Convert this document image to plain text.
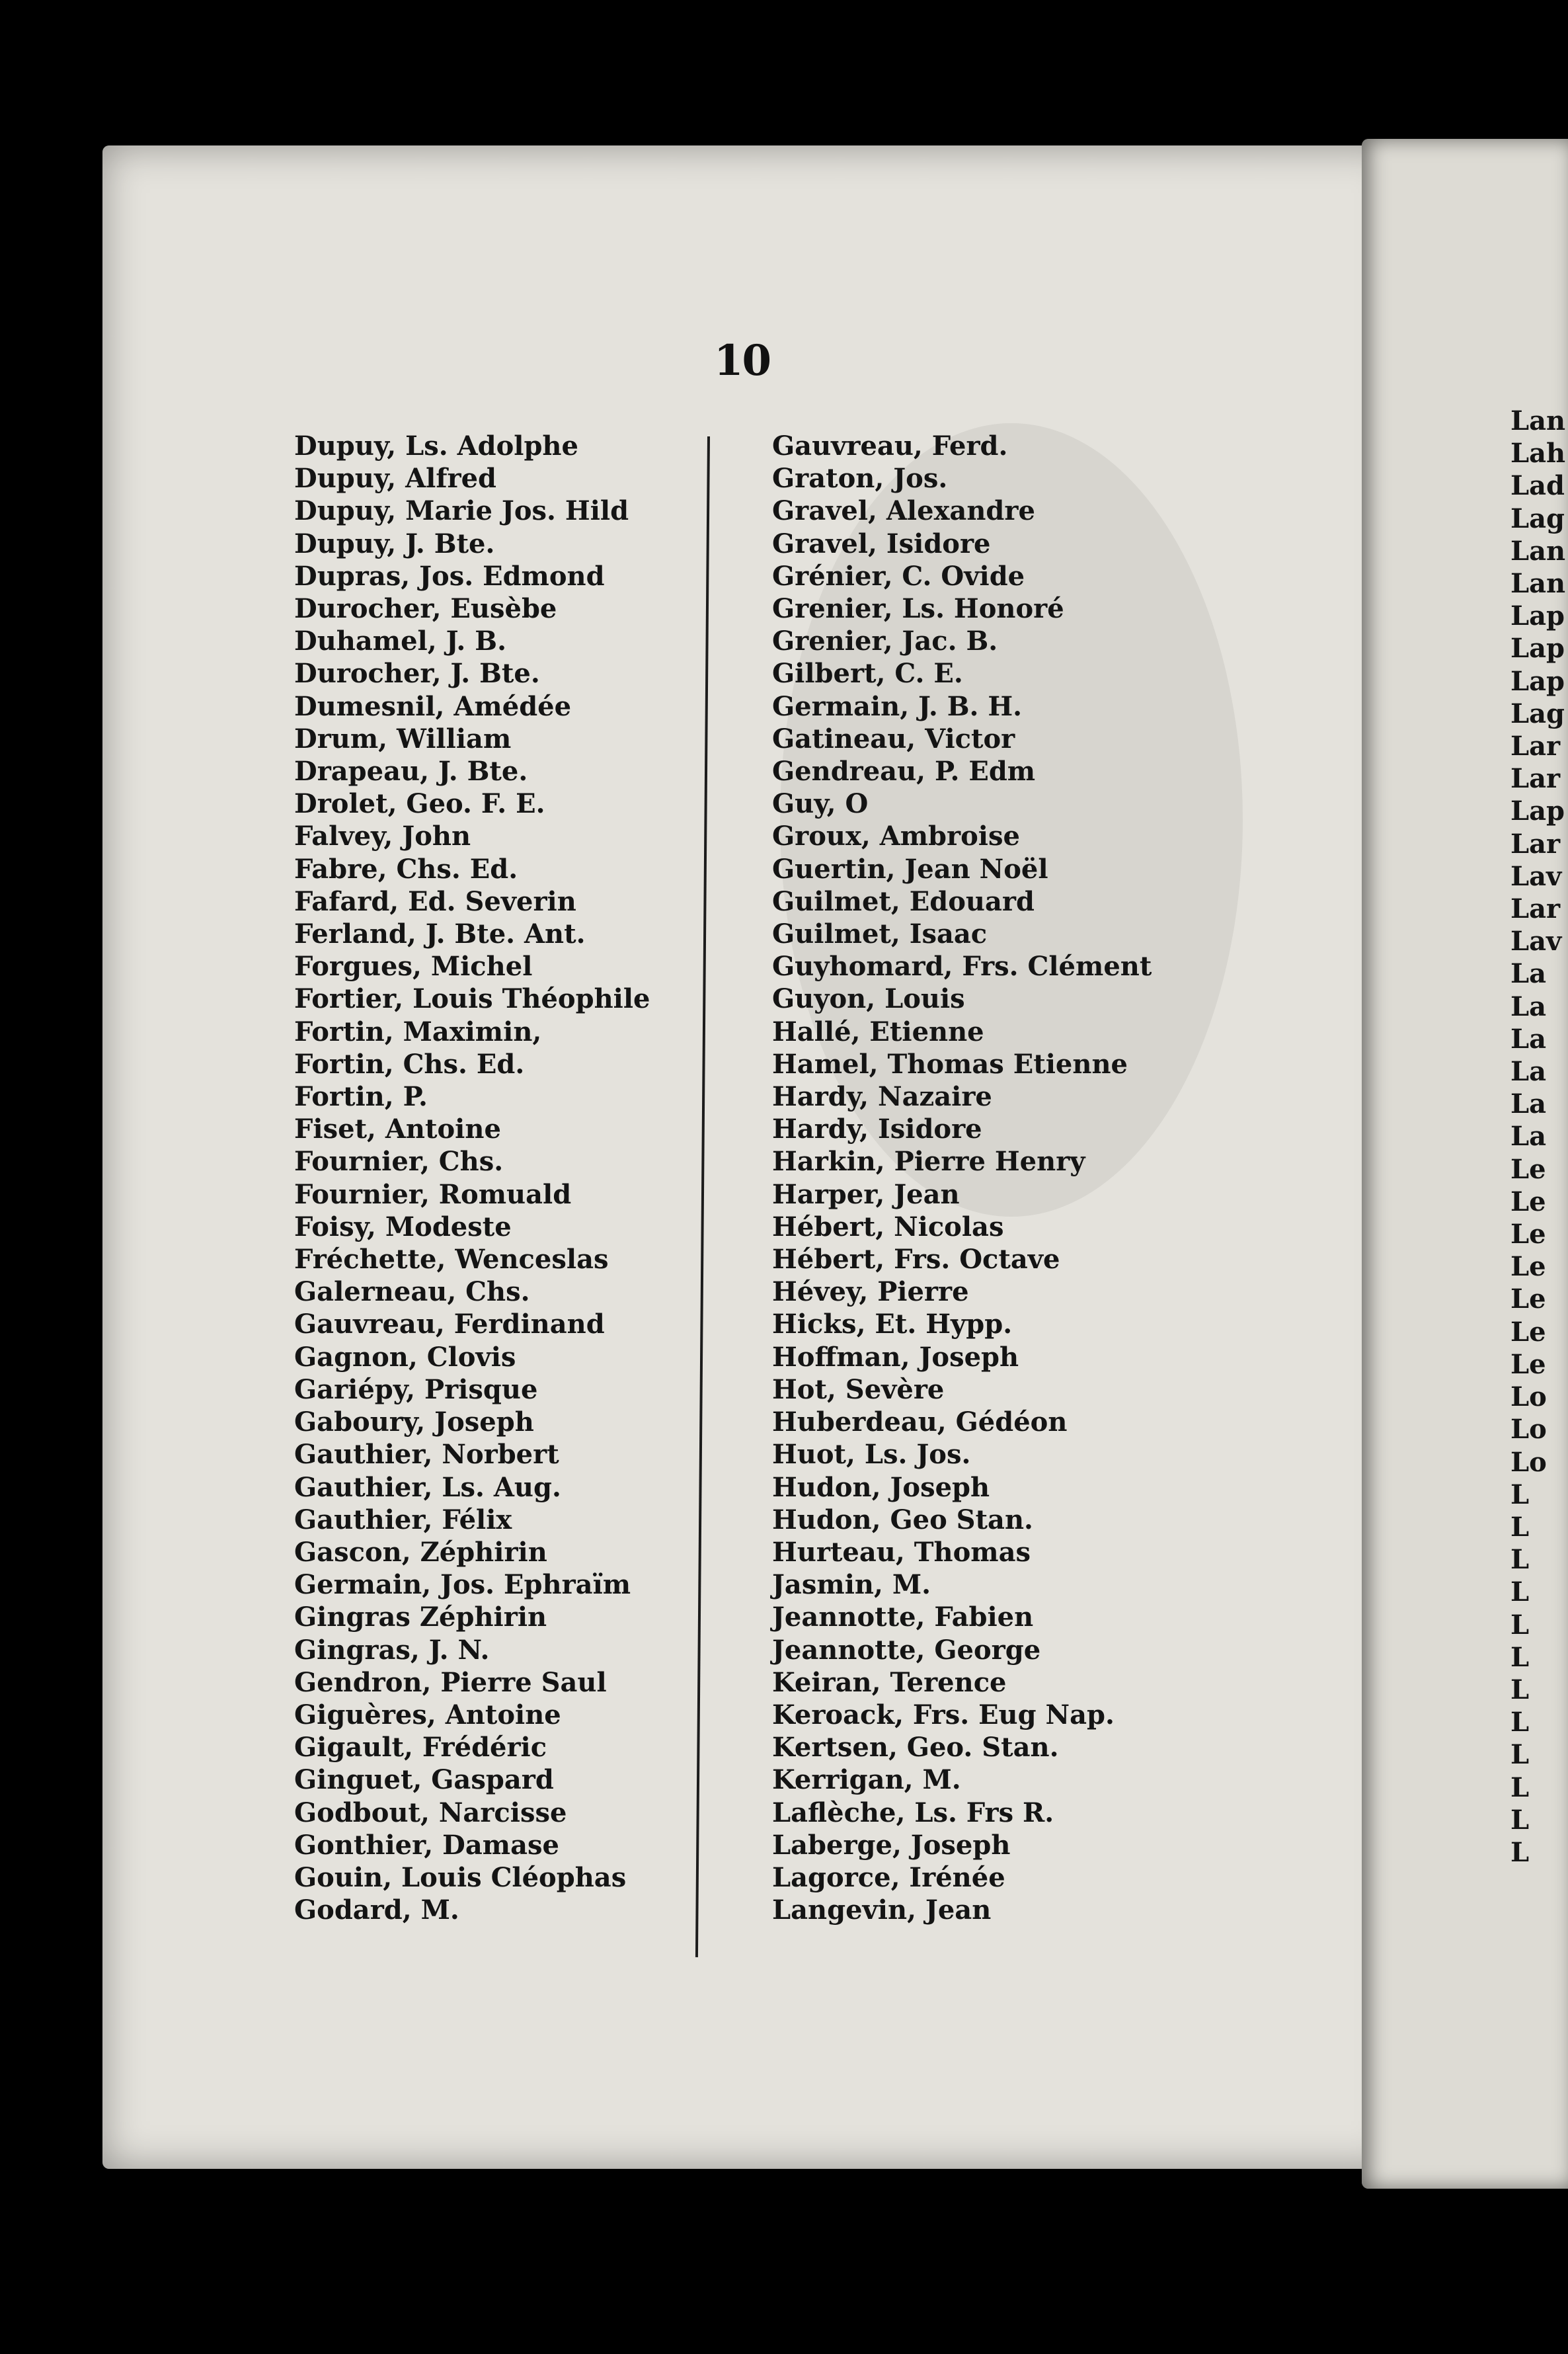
10
Dupuy, Ls. Adolphe
Dupuy, Alfred
Dupuy, Marie Jos. Hild
Dupuy, J. Bte.
Dupras, Jos. Edmond
Durocher, Eusèbe
Duhamel, J. B.
Durocher, J. Bte.
Dumesnil, Amédée
Drum, William
Drapeau, J. Bte.
Drolet, Geo. F. E.
Falvey, John
Fabre, Chs. Ed.
Fafard, Ed. Severin
Ferland, J. Bte. Ant.
Forgues, Michel
Fortier, Louis Théophile
Fortin, Maximin,
Fortin, Chs. Ed.
Fortin, P.
Fiset, Antoine
Fournier, Chs.
Fournier, Romuald
Foisy, Modeste
Fréchette, Wenceslas
Galerneau, Chs.
Gauvreau, Ferdinand
Gagnon, Clovis
Gariépy, Prisque
Gaboury, Joseph
Gauthier, Norbert
Gauthier, Ls. Aug.
Gauthier, Félix
Gascon, Zéphirin
Germain, Jos. Ephraïm
Gingras Zéphirin
Gingras, J. N.
Gendron, Pierre Saul
Giguères, Antoine
Gigault, Frédéric
Ginguet, Gaspard
Godbout, Narcisse
Gonthier, Damase
Gouin, Louis Cléophas
Godard, M.
Gauvreau, Ferd.
Graton, Jos.
Gravel, Alexandre
Gravel, Isidore
Grénier, C. Ovide
Grenier, Ls. Honoré
Grenier, Jac. B.
Gilbert, C. E.
Germain, J. B. H.
Gatineau, Victor
Gendreau, P. Edm
Guy, O
Groux, Ambroise
Guertin, Jean Noël
Guilmet, Edouard
Guilmet, Isaac
Guyhomard, Frs. Clément
Guyon, Louis
Hallé, Etienne
Hamel, Thomas Etienne
Hardy, Nazaire
Hardy, Isidore
Harkin, Pierre Henry
Harper, Jean
Hébert, Nicolas
Hébert, Frs. Octave
Hévey, Pierre
Hicks, Et. Hypp.
Hoffman, Joseph
Hot, Sevère
Huberdeau, Gédéon
Huot, Ls. Jos.
Hudon, Joseph
Hudon, Geo Stan.
Hurteau, Thomas
Jasmin, M.
Jeannotte, Fabien
Jeannotte, George
Keiran, Terence
Keroack, Frs. Eug Nap.
Kertsen, Geo. Stan.
Kerrigan, M.
Laflèche, Ls. Frs R.
Laberge, Joseph
Lagorce, Irénée
Langevin, Jean
Lan
Lah
Lad
Lag
Lan
Lan
Lap
Lap
Lap
Lag
Lar
Lar
Lap
Lar
Lav
Lar
Lav
La
La
La
La
La
La
Le
Le
Le
Le
Le
Le
Le
Lo
Lo
Lo
L
L
L
L
L
L
L
L
L
L
L
L
